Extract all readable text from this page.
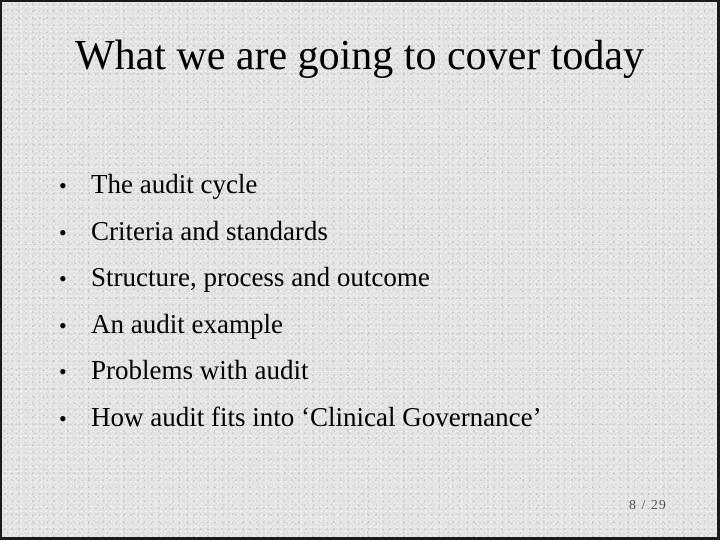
What we are going to cover today
• The audit cycle
• Criteria and standards
• Structure, process and outcome
• An audit example
• Problems with audit
• How audit fits into ‘Clinical Governance’
8 / 29
